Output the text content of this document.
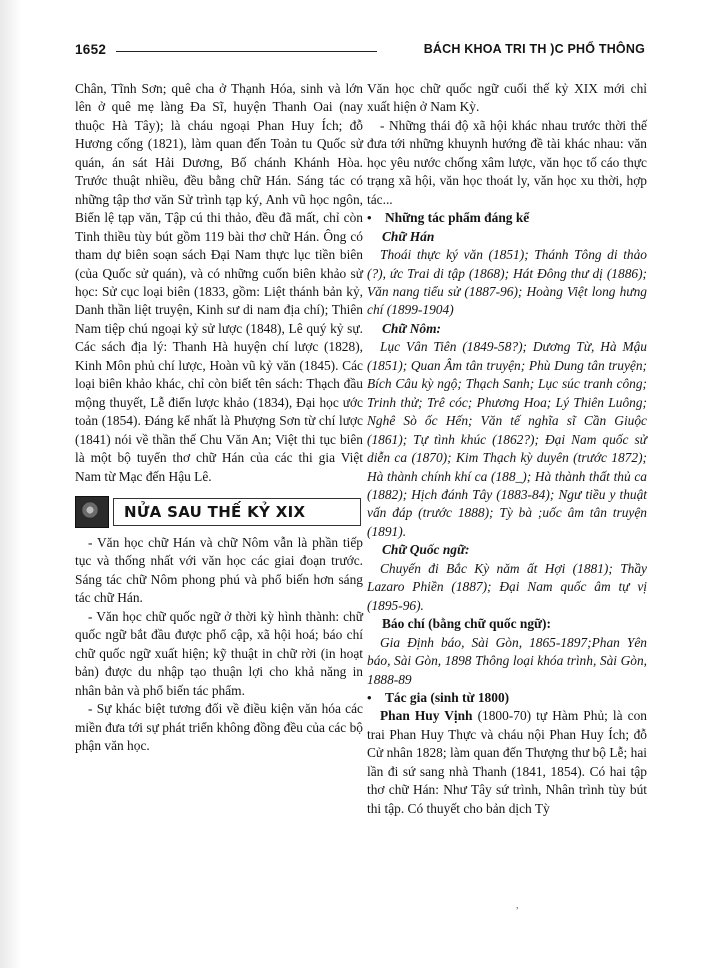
1652	BÁCH KHOA TRI TH )C PHỔ THÔNG

Chân, Tĩnh Sơn; quê cha ở Thạnh Hóa, sinh và lớn lên ở quê mẹ làng Đa Sĩ, huyện Thanh Oai (nay thuộc Hà Tây); là cháu ngoại Phan Huy Ích; đỗ Hương cống (1821), làm quan đến Toản tu Quốc sử quán, án sát Hải Dương, Bố chánh Khánh Hòa. Trước thuật nhiều, đều bằng chữ Hán. Sáng tác có những tập thơ văn Sử trình tạp ký, Anh vũ học ngôn, Biển lệ tạp văn, Tập cú thi thảo, đều đã mất, chỉ còn Tinh thiều tùy bút gồm 119 bài thơ chữ Hán. Ông có tham dự biên soạn sách Đại Nam thực lục tiền biên (của Quốc sử quán), và có những cuốn biên khảo sử học: Sử cục loại biên (1833, gồm: Liệt thánh bản kỷ, Danh thần liệt truyện, Kinh sư di nam địa chí); Thiên Nam tiệp chú ngoại kỷ sử lược (1848), Lê quý kỷ sự. Các sách địa lý: Thanh Hà huyện chí lược (1828), Kinh Môn phủ chí lược, Hoàn vũ kỷ văn (1845). Các loại biên khảo khác, chỉ còn biết tên sách: Thạch đầu mộng thuyết, Lễ điển lược khảo (1834), Đại học ước toản (1854). Đáng kể nhất là Phượng Sơn từ chí lược (1841) nói về thần thế Chu Văn An; Việt thi tục biên là một bộ tuyển thơ chữ Hán của các thi gia Việt Nam từ Mạc đến Hậu Lê.

NỬA SAU THẾ KỶ XIX

- Văn học chữ Hán và chữ Nôm vẫn là phần tiếp tục và thống nhất với văn học các giai đoạn trước. Sáng tác chữ Nôm phong phú và phổ biến hơn sáng tác chữ Hán.

- Văn học chữ quốc ngữ ở thời kỳ hình thành: chữ quốc ngữ bắt đầu được phổ cập, xã hội hoá; báo chí chữ quốc ngữ xuất hiện; kỹ thuật in chữ rời (in hoạt bản) được du nhập tạo thuận lợi cho khả năng in nhân bản và phổ biến tác phẩm.

- Sự khác biệt tương đối về điều kiện văn hóa các miền đưa tới sự phát triển không đồng đều của các bộ phận văn học.

Văn học chữ quốc ngữ cuối thế kỷ XIX mới chỉ xuất hiện ở Nam Kỳ.

- Những thái độ xã hội khác nhau trước thời thế đưa tới những khuynh hướng đề tài khác nhau: văn học yêu nước chống xâm lược, văn học tố cáo thực trạng xã hội, văn học thoát ly, văn học xu thời, hợp tác...

•	Những tác phẩm đáng kể

Chữ Hán

Thoái thực ký văn (1851); Thánh Tông di thảo (?), ức Trai di tập (1868); Hát Đông thư dị (1886); Văn nang tiểu sử (1887-96); Hoàng Việt long hưng chí (1899-1904)

Chữ Nôm:

Lục Vân Tiên (1849-58?); Dương Từ, Hà Mậu (1851); Quan Âm tân truyện; Phù Dung tân truyện; Bích Câu kỳ ngộ; Thạch Sanh; Lục súc tranh công; Trinh thử; Trê cóc; Phương Hoa; Lý Thiên Luông; Nghê Sò ốc Hến; Văn tế nghĩa sĩ Cần Giuộc (1861); Tự tình khúc (1862?); Đại Nam quốc sử diễn ca (1870); Kim Thạch kỳ duyên (trước 1872); Hà thành chính khí ca (188_); Hà thành thất thủ ca (1882); Hịch đánh Tây (1883-84); Ngư tiều y thuật vấn đáp (trước 1888); Tỳ bà ;uốc âm tân truyện (1891).

Chữ Quốc ngữ:

Chuyến đi Bắc Kỳ năm ất Hợi (1881); Thầy Lazaro Phiền (1887); Đại Nam quốc âm tự vị (1895-96).

Báo chí (bằng chữ quốc ngữ):

Gia Định báo, Sài Gòn, 1865-1897;Phan Yên báo, Sài Gòn, 1898 Thông loại khóa trình, Sài Gòn, 1888-89

•	Tác gia (sinh từ 1800)

Phan Huy Vịnh (1800-70) tự Hàm Phủ; là con trai Phan Huy Thực và cháu nội Phan Huy Ích; đỗ Cử nhân 1828; làm quan đến Thượng thư bộ Lễ; hai lần đi sứ sang nhà Thanh (1841, 1854). Có hai tập thơ chữ Hán: Như Tây sứ trình, Nhân trình tùy bút thi tập. Có thuyết cho bản dịch Tỳ

,
